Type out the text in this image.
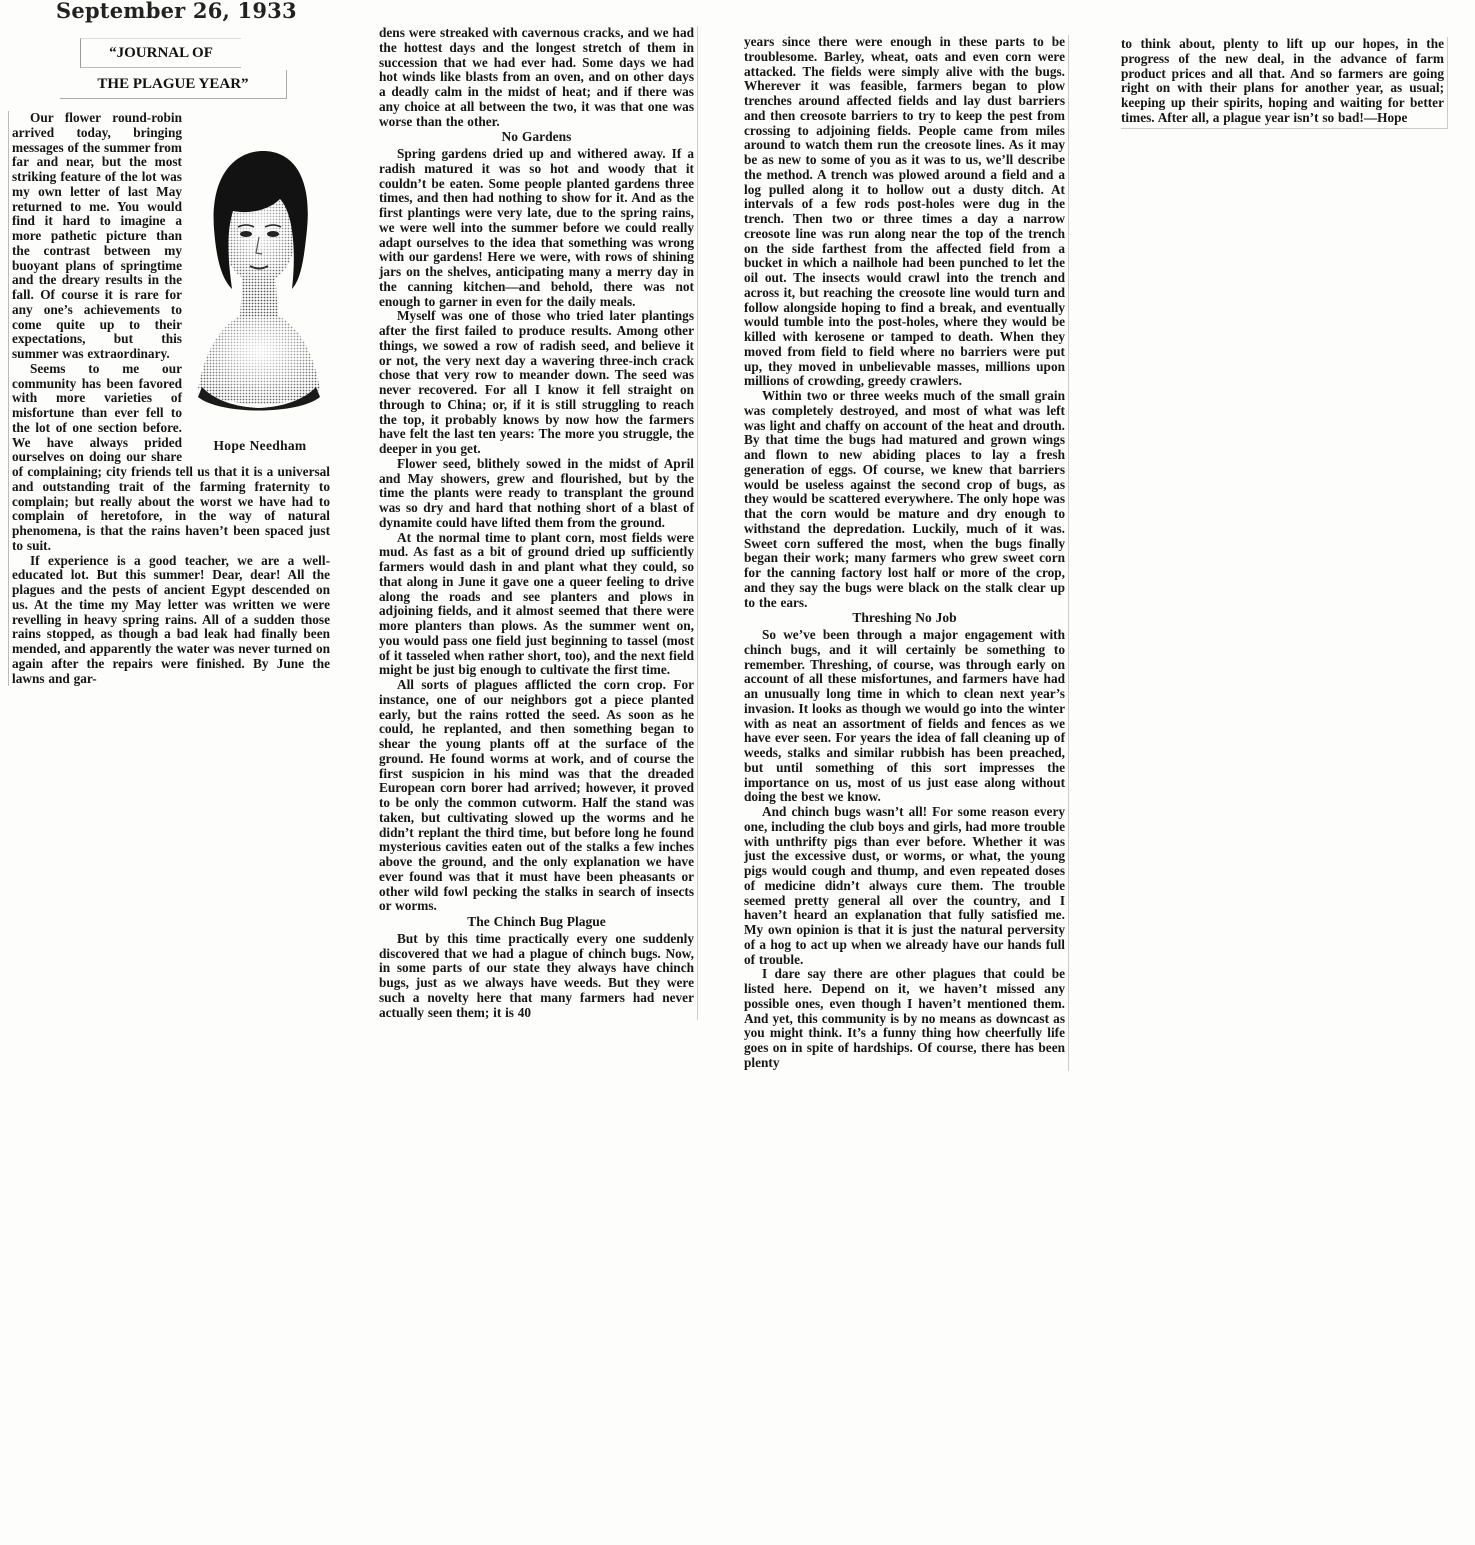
September 26, 1933
“JOURNAL OF
THE PLAGUE YEAR”
Hope Needham

Our flower round-robin arrived today, bringing messages of the summer from far and near, but the most striking feature of the lot was my own letter of last May returned to me. You would find it hard to imagine a more pathetic picture than the contrast between my buoyant plans of springtime and the dreary results in the fall. Of course it is rare for any one’s achievements to come quite up to their expectations, but this summer was extraordinary.

Seems to me our community has been favored with more varieties of misfortune than ever fell to the lot of one section before. We have always prided ourselves on doing our share of complaining; city friends tell us that it is a universal and outstanding trait of the farming fraternity to complain; but really about the worst we have had to complain of heretofore, in the way of natural phenomena, is that the rains haven’t been spaced just to suit.

If experience is a good teacher, we are a well-educated lot. But this summer! Dear, dear! All the plagues and the pests of ancient Egypt descended on us. At the time my May letter was written we were revelling in heavy spring rains. All of a sudden those rains stopped, as though a bad leak had finally been mended, and apparently the water was never turned on again after the repairs were finished. By June the lawns and gar-

dens were streaked with cavernous cracks, and we had the hottest days and the longest stretch of them in succession that we had ever had. Some days we had hot winds like blasts from an oven, and on other days a deadly calm in the midst of heat; and if there was any choice at all between the two, it was that one was worse than the other.

No Gardens

Spring gardens dried up and withered away. If a radish matured it was so hot and woody that it couldn’t be eaten. Some people planted gardens three times, and then had nothing to show for it. And as the first plantings were very late, due to the spring rains, we were well into the summer before we could really adapt ourselves to the idea that something was wrong with our gardens! Here we were, with rows of shining jars on the shelves, anticipating many a merry day in the canning kitchen—and behold, there was not enough to garner in even for the daily meals.

Myself was one of those who tried later plantings after the first failed to produce results. Among other things, we sowed a row of radish seed, and believe it or not, the very next day a wavering three-inch crack chose that very row to meander down. The seed was never recovered. For all I know it fell straight on through to China; or, if it is still struggling to reach the top, it probably knows by now how the farmers have felt the last ten years: The more you struggle, the deeper in you get.

Flower seed, blithely sowed in the midst of April and May showers, grew and flourished, but by the time the plants were ready to transplant the ground was so dry and hard that nothing short of a blast of dynamite could have lifted them from the ground.

At the normal time to plant corn, most fields were mud. As fast as a bit of ground dried up sufficiently farmers would dash in and plant what they could, so that along in June it gave one a queer feeling to drive along the roads and see planters and plows in adjoining fields, and it almost seemed that there were more planters than plows. As the summer went on, you would pass one field just beginning to tassel (most of it tasseled when rather short, too), and the next field might be just big enough to cultivate the first time.

All sorts of plagues afflicted the corn crop. For instance, one of our neighbors got a piece planted early, but the rains rotted the seed. As soon as he could, he replanted, and then something began to shear the young plants off at the surface of the ground. He found worms at work, and of course the first suspicion in his mind was that the dreaded European corn borer had arrived; however, it proved to be only the common cutworm. Half the stand was taken, but cultivating slowed up the worms and he didn’t replant the third time, but before long he found mysterious cavities eaten out of the stalks a few inches above the ground, and the only explanation we have ever found was that it must have been pheasants or other wild fowl pecking the stalks in search of insects or worms.

The Chinch Bug Plague

But by this time practically every one suddenly discovered that we had a plague of chinch bugs. Now, in some parts of our state they always have chinch bugs, just as we always have weeds. But they were such a novelty here that many farmers had never actually seen them; it is 40

years since there were enough in these parts to be troublesome. Barley, wheat, oats and even corn were attacked. The fields were simply alive with the bugs. Wherever it was feasible, farmers began to plow trenches around affected fields and lay dust barriers and then creosote barriers to try to keep the pest from crossing to adjoining fields. People came from miles around to watch them run the creosote lines. As it may be as new to some of you as it was to us, we’ll describe the method. A trench was plowed around a field and a log pulled along it to hollow out a dusty ditch. At intervals of a few rods post-holes were dug in the trench. Then two or three times a day a narrow creosote line was run along near the top of the trench on the side farthest from the affected field from a bucket in which a nailhole had been punched to let the oil out. The insects would crawl into the trench and across it, but reaching the creosote line would turn and follow alongside hoping to find a break, and eventually would tumble into the post-holes, where they would be killed with kerosene or tamped to death. When they moved from field to field where no barriers were put up, they moved in unbelievable masses, millions upon millions of crowding, greedy crawlers.

Within two or three weeks much of the small grain was completely destroyed, and most of what was left was light and chaffy on account of the heat and drouth. By that time the bugs had matured and grown wings and flown to new abiding places to lay a fresh generation of eggs. Of course, we knew that barriers would be useless against the second crop of bugs, as they would be scattered everywhere. The only hope was that the corn would be mature and dry enough to withstand the depredation. Luckily, much of it was. Sweet corn suffered the most, when the bugs finally began their work; many farmers who grew sweet corn for the canning factory lost half or more of the crop, and they say the bugs were black on the stalk clear up to the ears.

Threshing No Job

So we’ve been through a major engagement with chinch bugs, and it will certainly be something to remember. Threshing, of course, was through early on account of all these misfortunes, and farmers have had an unusually long time in which to clean next year’s invasion. It looks as though we would go into the winter with as neat an assortment of fields and fences as we have ever seen. For years the idea of fall cleaning up of weeds, stalks and similar rubbish has been preached, but until something of this sort impresses the importance on us, most of us just ease along without doing the best we know.

And chinch bugs wasn’t all! For some reason every one, including the club boys and girls, had more trouble with unthrifty pigs than ever before. Whether it was just the excessive dust, or worms, or what, the young pigs would cough and thump, and even repeated doses of medicine didn’t always cure them. The trouble seemed pretty general all over the country, and I haven’t heard an explanation that fully satisfied me. My own opinion is that it is just the natural perversity of a hog to act up when we already have our hands full of trouble.

I dare say there are other plagues that could be listed here. Depend on it, we haven’t missed any possible ones, even though I haven’t mentioned them. And yet, this community is by no means as downcast as you might think. It’s a funny thing how cheerfully life goes on in spite of hardships. Of course, there has been plenty

to think about, plenty to lift up our hopes, in the progress of the new deal, in the advance of farm product prices and all that. And so farmers are going right on with their plans for another year, as usual; keeping up their spirits, hoping and waiting for better times. After all, a plague year isn’t so bad!—Hope
